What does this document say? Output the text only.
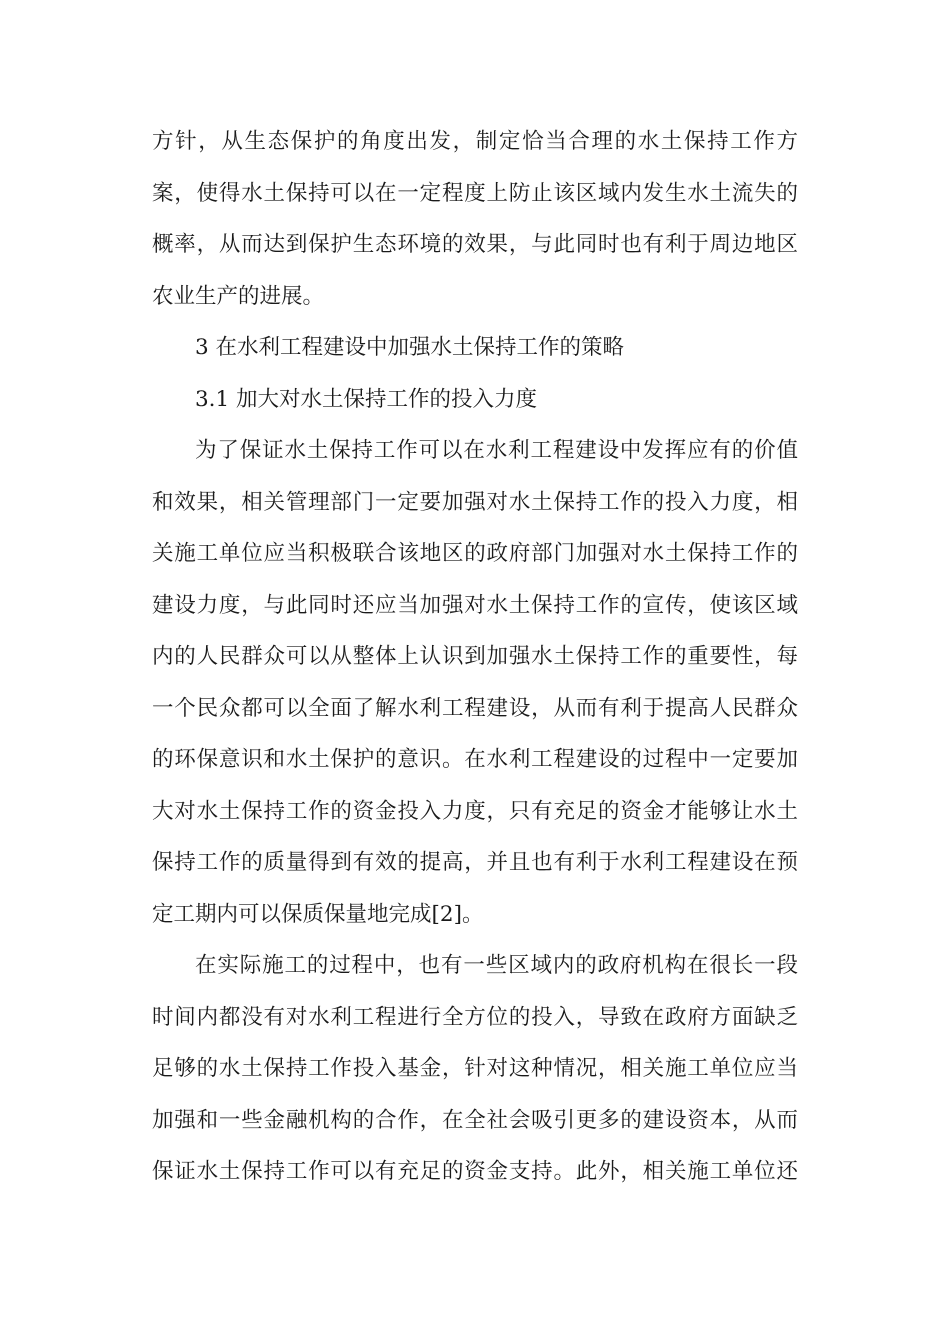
方针，从生态保护的角度出发，制定恰当合理的水土保持工作方
案，使得水土保持可以在一定程度上防止该区域内发生水土流失的
概率，从而达到保护生态环境的效果，与此同时也有利于周边地区
农业生产的进展。
3 在水利工程建设中加强水土保持工作的策略
3.1 加大对水土保持工作的投入力度
为了保证水土保持工作可以在水利工程建设中发挥应有的价值
和效果，相关管理部门一定要加强对水土保持工作的投入力度，相
关施工单位应当积极联合该地区的政府部门加强对水土保持工作的
建设力度，与此同时还应当加强对水土保持工作的宣传，使该区域
内的人民群众可以从整体上认识到加强水土保持工作的重要性，每
一个民众都可以全面了解水利工程建设，从而有利于提高人民群众
的环保意识和水土保护的意识。在水利工程建设的过程中一定要加
大对水土保持工作的资金投入力度，只有充足的资金才能够让水土
保持工作的质量得到有效的提高，并且也有利于水利工程建设在预
定工期内可以保质保量地完成[2]。
在实际施工的过程中，也有一些区域内的政府机构在很长一段
时间内都没有对水利工程进行全方位的投入，导致在政府方面缺乏
足够的水土保持工作投入基金，针对这种情况，相关施工单位应当
加强和一些金融机构的合作，在全社会吸引更多的建设资本，从而
保证水土保持工作可以有充足的资金支持。此外，相关施工单位还
